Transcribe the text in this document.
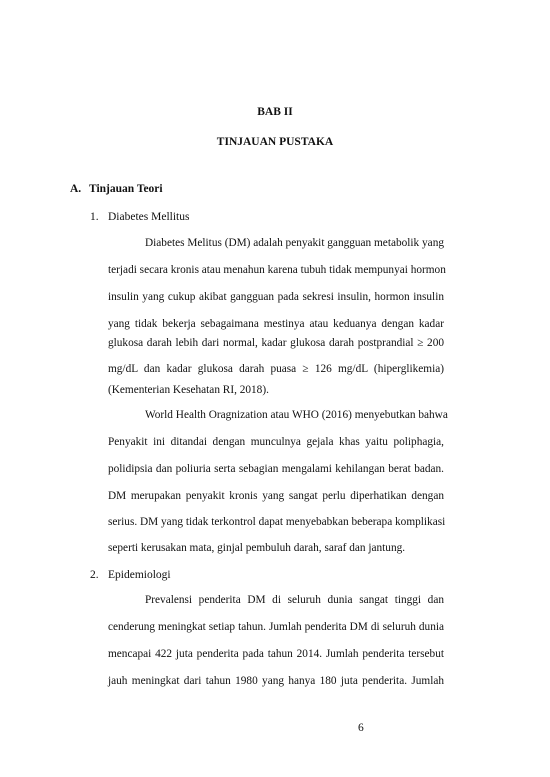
BAB II
TINJAUAN PUSTAKA
A. Tinjauan Teori
1. Diabetes Mellitus
Diabetes Melitus (DM) adalah penyakit gangguan metabolik yang
terjadi secara kronis atau menahun karena tubuh tidak mempunyai hormon
insulin yang cukup akibat gangguan pada sekresi insulin, hormon insulin
yang tidak bekerja sebagaimana mestinya atau keduanya dengan kadar
glukosa darah lebih dari normal, kadar glukosa darah postprandial ≥ 200
mg/dL dan kadar glukosa darah puasa ≥ 126 mg/dL (hiperglikemia)
(Kementerian Kesehatan RI, 2018).
World Health Oragnization atau WHO (2016) menyebutkan bahwa
Penyakit ini ditandai dengan munculnya gejala khas yaitu poliphagia,
polidipsia dan poliuria serta sebagian mengalami kehilangan berat badan.
DM merupakan penyakit kronis yang sangat perlu diperhatikan dengan
serius. DM yang tidak terkontrol dapat menyebabkan beberapa komplikasi
seperti kerusakan mata, ginjal pembuluh darah, saraf dan jantung.
2. Epidemiologi
Prevalensi penderita DM di seluruh dunia sangat tinggi dan
cenderung meningkat setiap tahun. Jumlah penderita DM di seluruh dunia
mencapai 422 juta penderita pada tahun 2014. Jumlah penderita tersebut
jauh meningkat dari tahun 1980 yang hanya 180 juta penderita. Jumlah
6
